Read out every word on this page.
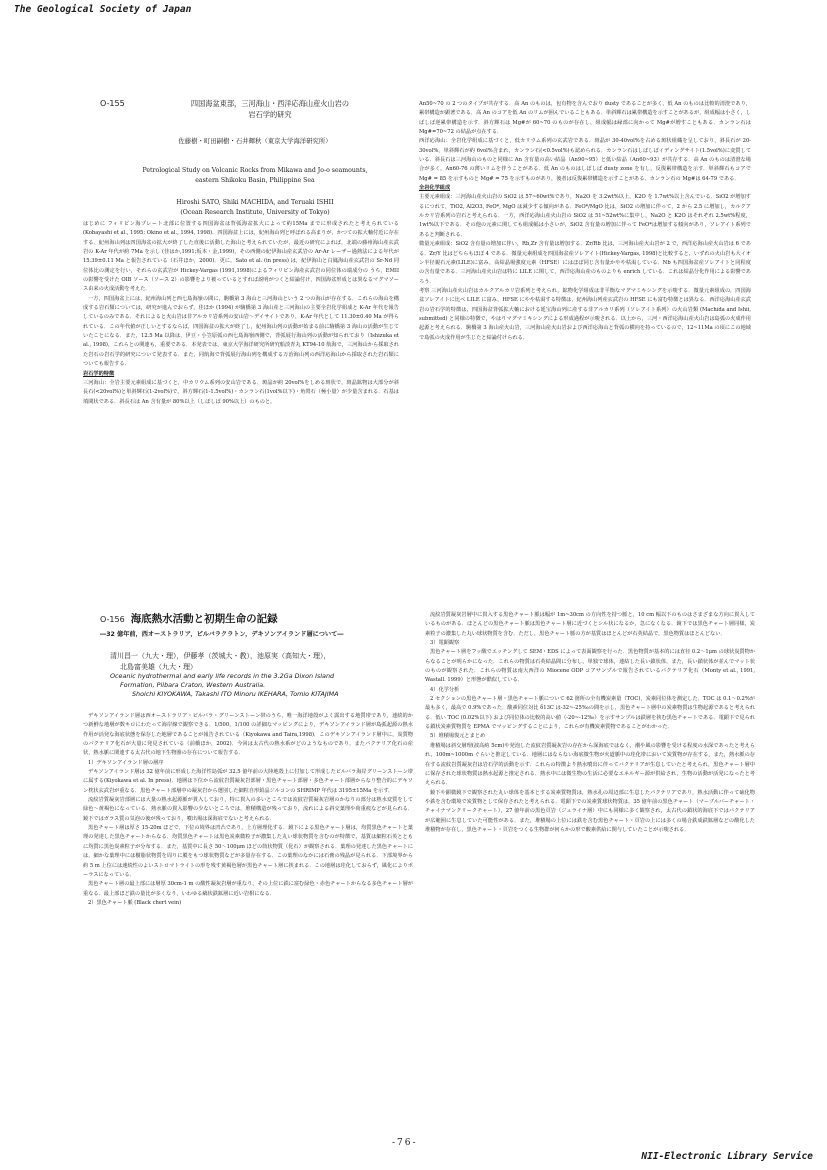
The Geological Society of Japan
O-155	四国海盆東部，三河海山・西洋応海山産火山岩の
岩石学的研究
佐藤樹・町田嗣樹・石井輝秋（東京大学海洋研究所）
Petrological Study on Volcanic Rocks from Mikawa and Jo-o seamounts,
eastern Shikoku Basin, Philippine Sea
Hiroshi SATO, Shiki MACHIDA, and Teruaki ISHII
(Ocean Research Institute, University of Tokyo)

はじめに フィリピン海プレート北部に位置する四国海盆は背弧海盆拡大によって約15Ma までに形成されたと考えられている (Kobayashi et al., 1995; Okino et al., 1994, 1998)．四国海盆上には，紀州海山列と呼ばれる高まりが，かつての拡大軸付近に存在する．紀州海山列は四国海盆の拡大が終了した直後に活動した海山と考えられていたが，最近の研究によれば，北端の藤州海山産玄武岩の K-Ar 年代が約 7Ma を示し (佳はか,1991;坂本・金,1999)，その西側の紀伊海山産玄武岩の Ar-Ar レーザー過熱法による年代が 15.39±0.11 Ma と報告されている（石井ほか，2000)．更に，Sato et al. (in press) は，紀伊海山と白鳳海山産玄武岩の Sr-Nd 同位体比の測定を行い，それらの玄武岩が Hickey-Vargas (1991,1998)によるフィリピン海産玄武岩の同位体の端成分の うち，EMII の影響を受けた OIB ソース（ソース 2）の影響をより被っているとすれば説明がつくと結論付け，四国海盆形成とは異なるマグマソース由来の火成活動を考えた．

一方，四国海盆上には，紀州海山列と西七島海嶺の間に，駒橋第 3 海山と三河海山という 2 つの海山が存在する．これらの海山を構成する岩石類については，研究が進んでおらず，佳ほか (1994) が駒橋第 3 海山産と三河海山の主要全岩化学組成と K-Ar 年代を報告しているのみである．それによると火山岩は非アルカリ岩系列の安山岩～デイサイトであり，K-Ar 年代として 11.30±0.40 Ma が得られている．この年代値が正しいとするならば，四国海盆の拡大が終了し，紀州海山列の活動が始まる前に駒橋第 3 海山の活動が生じていたことになる．また，12.5 Ma 以降は，伊豆・小笠原弧の西七島海嶺西側で，背弧展行海山列の活動が知られており（Ishizuka et al., 1998)，これらとの関連も，重要である．本発表では，東京大学海洋研究所研究船淡青丸 KT94-10 航海で，三河海山から採取された岩石の岩石学的研究について発表する．また，同航海で背弧展行海山列を構成する万治海山列の西洋応海山から採取された岩石類についても報告する．

岩石学的特徴

三河海山：全岩主要元素組成に基づくと，中カリウム系列の安山岩である．斑晶が約 20vol%をしめる斑状で，斑晶鉱物は大部分が斜長石(<20vol%)と単斜輝石(1-2vol%)で，斜方輝石(1-1.5vol%)・カンラン石(1vol%以下)・角閃石（極小量）が少量含まれる．石基は填間状である．斜長石は An 含有量が 80%以上（しばしば 90%以上）のものと，

An50~70 の 2 つのタイプが共存する．高 An のものは，包有物を含んでおり dusty であることが多く，低 An のものは比較的清澄であり，累帯構造が顕著である．高 An のコアを低 An のリムが囲んでいることもある．単斜輝石は累帯構造を示すことがあるが，組成幅は小さく，しばしば逆累帯構造を示す．斜方輝石は Mg#が 60~70 のものが存在し，組成幅は縁部に向かって Mg#が増すこともある．カンラン石は Mg#=70~72 の結晶が点在する．

西洋応海山：全岩化学組成に基づくと，低カリウム系列の玄武岩である．斑晶が 30-40vol%を占める斑状組織を呈しており，斜長石が 20-30vol%，単斜輝石が約 6vol%含まれ，カンラン石(<0.5vol%)も認められる．カンラン石はしばしばイディングサイト(1.5vol%)に変質している．斜長石は三河海山のものと同様に An 含有量の高い結晶（An90~95）と低い結晶（An60~93）が共存する．高 An のものは清澄な場合が多く，An60-76 の薄いリムを伴うことがある．低 An のものはしばしば dusty zone を有し，反復累帯構造を示す．単斜輝石もコアで Mg# = 85 を示すものと Mg# = 75 を示すものがあり，後者は反復累帯構造を示すことがある．カンラン石の Mg#は 64-79 である．

全岩化学組成

主要元素組成：三河海山産火山岩の SiO2 は 57~60wt%であり，Na2O を 3.2wt%以上，K2O を 1.7wt%以上含んでいる．SiO2 が増加するにつれて，TiO2, Al2O3, FeO*, MgO は減少する傾向がある．FeO*/MgO 比は，SiO2 の増加に伴って，2 から 2.5 に増加し，カルクアルカリ岩系列の岩石と考えられる．一方，西洋応海山産火山岩の SiO2 は 51~52wt%に集中し，Na2O と K2O はそれぞれ 2.5wt%程度，1wt%以下である．その他の元素に関しても組成幅は小さいが，SiO2 含有量の増加に伴って FeO*は増加する傾向があり，ソレアイト系列であると判断される．

微量元素組成：SiO2 含有量の増加に伴い，Rb,Zr 含有量は増加する．Zr/Rb 比は，三河海山産火山岩が 2 で，西洋応海山産火山岩は 6 である．Zr/Y 比はどちらもほぼ 4 である．微量元素組成を四国海盆産ソレアイト(Hickey-Vargas, 1998)と比較すると，いずれの火山岩も大イオン半径親石元素(LILE)に富み，高結晶場強度元素（HFSE）にはほぼ同じ含有量かやや枯渇している．Nb も四国海盆産ソレアイトと同程度の含有量である．三河海山産火山岩は特に LILE に関して，西洋応海山産のものよりも enrich している．これは結晶分化作用による影響であろう．

考察 三河海山産火山岩はカルクアルカリ岩系列と考えられ，鉱物化学組成は非平衡なマグマミキシングを示唆する．微量元素組成の，四国海盆ソレアイトに比べ LILE に富み，HFSE にやや枯渇する特徴は，紀州海山列産玄武岩の HFSE にも富む特徴とは異なる．西洋応海山産玄武岩の岩石学的特徴は，四国海盆背弧拡大軸における延宝海山列に産する非アルカリ系列（ソレアイト系列）の火山岩類 (Machida and Ishii, submitted) と同様の特徴で，やはりマグマミキシングによる形成過程が示唆される．以上から，三河・西洋応海山産火山岩は島弧の火成作用起源と考えられる．駒橋第 3 海山産火山岩，三河海山産火山岩および西洋応海山と背弧の横向を持っているので，12~11Ma の頃にこの地域で島弧の火成作用が生じたと結論付けられる．

O-156 海底熱水活動と初期生命の記録
―32 億年前，西オーストラリア，ピルバラクラトン，デキソンアイランド層について―
清川昌一（九大・理），伊藤孝（茨城大・教），池原実（高知大・理），
北島富美雄（九大・理）
Oceanic hydrothermal and early life records in the 3.2Ga Dixon Island
Formation, Pilbara Craton, Western Australia.
Shoichi KIYOKAWA, Takashi ITO Minoru IKEHARA, Tomio KITAJIMA

デキソンアイランド層は西オーストラリア・ピルバラ・グリーンストーン帯のうち，唯一海洋地殻がよく露出する地質帯であり，連続的かつ新鮮な地層が数キロにわたって海岸線で観察できる．1/500，1/100 の詳細なマッピングにより，デキソンアイランド層が島弧起源の熱水作用が活発な海底状態を保存した地層であることが報告されている（Kiyokawa and Taira,1998)．このデキソンアイランド層中に，炭質物のバクテリア化石が大量に発見されている（前橋ほか，2002)．今回は太古代の熱水系がどのようなものであり，またバクテリア化石の産状，熱水脈に関連する太古代の地下生物圏の存在について報告する．

1）デキソンアイランド層の層序

デキソンアイランド層は 32 億年前に形成した海洋性島弧が 32.5 億年前の大陸地殻上に付加して形成したピルバラ海岸グリーンストーン帯に属する(Kiyokawa et al. In press)．地層は下位から流紋岩質凝灰岩部層・黒色チャート部層・多色チャート部層からなり整合的にデキソン枕状玄武岩が重なる．黒色チャート部層中の凝灰岩から選別した細粒自形鉛晶ジルコンの SHRIMP 年代は 3195±15Ma を示す．

流紋岩質凝灰岩部層には大量の熱水起源脈が貫入しており，特に貫入の多いところでは流紋岩質凝灰岩層のかなりの部分は熱水変質をして緑色～黄褐色になっている．熱水脈の貫入影響の少ないところでは，堆積構造が残っており，流れによる斜交葉理や荷重痕などが見られる．鏡下ではガラス質の気泡の後が残っており，噴出場は深海底でないと考えられる．

黒色チャート層は厚さ 15-20m ほどで，下位の境界は凹凸であり，上方層理化する．鏡下による黒色チャート層は，均質黒色チャートと葉理の発達した黒色チャートからなる．均質黒色チャートは黒色炭素微粒子が濃集した丸い球状物質を含むのが特徴で，基質は細粒石英とともに均質に黒色炭素粒子が分布する．また，基質中に長さ 50～100μm ほどの筒状物質（化石）が観察される．葉理の発達した黒色チャートには，細かな葉理中には樹脂状物質を周りに膜をもつ球状物質などが多量存在する．この葉理のなかには石膏の残晶が見られる．下部境界から約 5 m 上位には速続性のよいストロマトライトの形を残す黄褐色層が黒色チャート層に挟まれる．この地層は珪化しておらず，風化によりボーラスになっている．

黒色チャート層の最上部には層厚 30cm-1 m の酸性凝灰岩層が重なり，その上位に鉄に富む緑色・赤色チャートからなる多色チャート層が重なる．最上部ほど鉄の量比が多くなり，いわゆる縞状鉄鉱層に近い岩相になる．

2）黒色チャート脈 (Black chert vein)

流紋岩質凝灰岩層中に貫入する黒色チャート脈は幅が 1m~30cm の方向性を持つ脈と，10 cm 幅以下のものはさまざまな方向に貫入しているものがある．ほとんどの黒色チャート脈は黒色チャート層に近づくとシル状になるか，急になくなる．鏡下では黒色チャート層同様，炭素粒子の濃集した丸い球状物質を含む．ただし，黒色チャート脈の方が基質はほとんどが石英結晶で，黒色物質はほとんどない．

3）電顕観察

黒色チャート層をフッ酸でエッチングして SEM・EDS によって表面観察を行った．黒色物質が基本的には直径 0.2～1μm の球状炭質物からなることが明らかになった．これらの物質は石英結晶間に分布し，単独で球体，連結した長い鎖状体，また，長い鎖状体が並んでマット状のものが観察された．これらの物質は南大西洋の Miocene ODP コアサンプルで報告されているバクテリア化石（Monty et al., 1991, Wastall. 1999）と形態が酷似している．

4）化学分析

2 セクションの黒色チャート層・黒色チャート脈について 62 箇所の全有機炭素量（TOC)，炭素同位体を測定した．TOC は 0.1～0.2%が最も多く，最高で 0.9%であった．酸素同位対比 δ13C は-32~-25‰の間を示し，黒色チャート層中の炭素物質は生物起源であると考えられる．低い TOC (0.02%以下) および同位体の比較的高い値（-20~-12‰）を示すサンプルは鉄層を挟む黒色チャートである．電顕下で見られる鎖状炭素質物質を EPMA でマッピングすることにより，これらが有機炭素質物であることがわかった．

5）堆積場復元とまとめ

堆積場は斜交層理(波高約 5cm)や発泡した流紋岩質凝灰岩の存在から深海底ではなく，潮や風の影響を受ける程度の水深であったと考えられ，100m~1000m ぐらいと推定している．地層にはならない海底微生物が火道脈中の珪化帯において炭質物が存在する，また，熱水脈の存在する流紋岩質凝灰岩は岩石学的活動を示す．これらの特徴より熱水噴出に伴ってバクテリアが生息していたと考えられ，黒色チャート層中に保存された球状物質は熱水起源と推定される．熱水中には微生物の生活に必要なエネルギー源が供給され，生物の活動が活発になったと考えられる．

鏡下や顕微鏡下で観察された丸い球体を基本とする炭素質物質は，熱水孔の周辺部に生息したバクテリアであり，熱水活動に伴って硫化物や鉄を含む環境で炭質物として保存されたと考えられる．電顕下での炭素質球状物質は，35 億年前の黒色チャート（マーブルバーチャート・チャイナマンクリークチャート），27 億年前の黒色頁岩（ジュライナ層）中にも同様に多く観察され，太古代の鎖状的海底下ではバクテリアが広範囲に生息していた可能性がある．また，堆積場の上位には鉄を含む黒色チャート・頁岩の上には多くの場合鉄成鉄鉱層などの酸化した堆積物が存在し，黒色チャート・頁岩をつくる生物群が何らかの形で酸素供給に関与していたことが示唆される．

-76-
NII-Electronic Library Service
